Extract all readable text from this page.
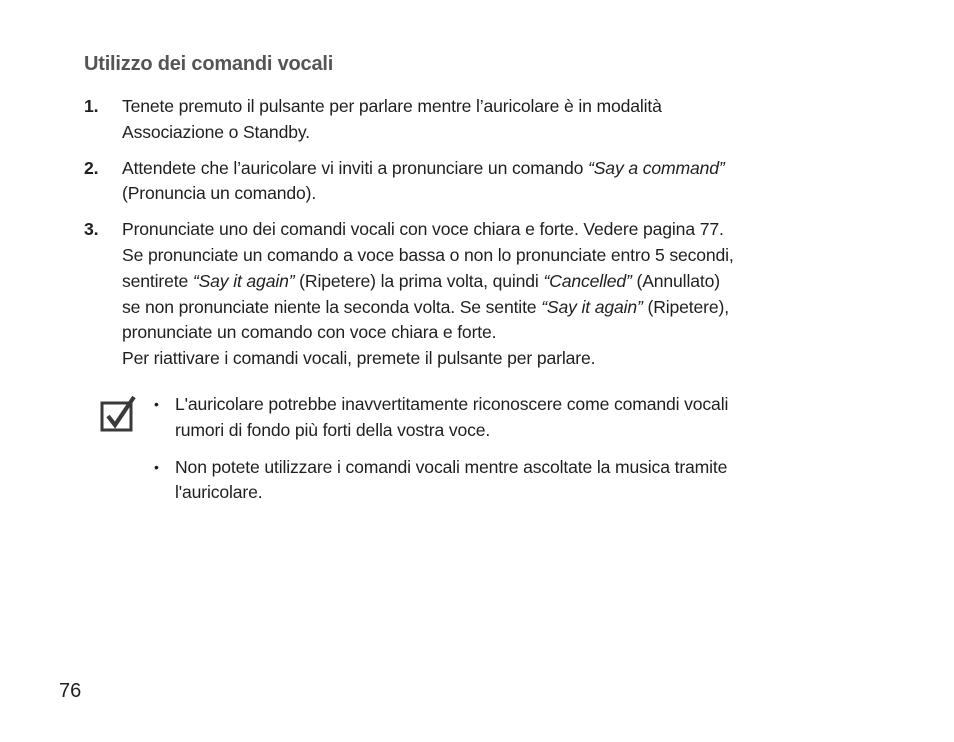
Utilizzo dei comandi vocali
1. Tenete premuto il pulsante per parlare mentre l’auricolare è in modalità
Associazione o Standby.
2. Attendete che l’auricolare vi inviti a pronunciare un comando “Say a command”
(Pronuncia un comando).
3. Pronunciate uno dei comandi vocali con voce chiara e forte. Vedere pagina 77.
Se pronunciate un comando a voce bassa o non lo pronunciate entro 5 secondi,
sentirete “Say it again” (Ripetere) la prima volta, quindi “Cancelled” (Annullato)
se non pronunciate niente la seconda volta. Se sentite “Say it again” (Ripetere),
pronunciate un comando con voce chiara e forte.
Per riattivare i comandi vocali, premete il pulsante per parlare.
• L'auricolare potrebbe inavvertitamente riconoscere come comandi vocali
rumori di fondo più forti della vostra voce.
• Non potete utilizzare i comandi vocali mentre ascoltate la musica tramite
l'auricolare.
76
